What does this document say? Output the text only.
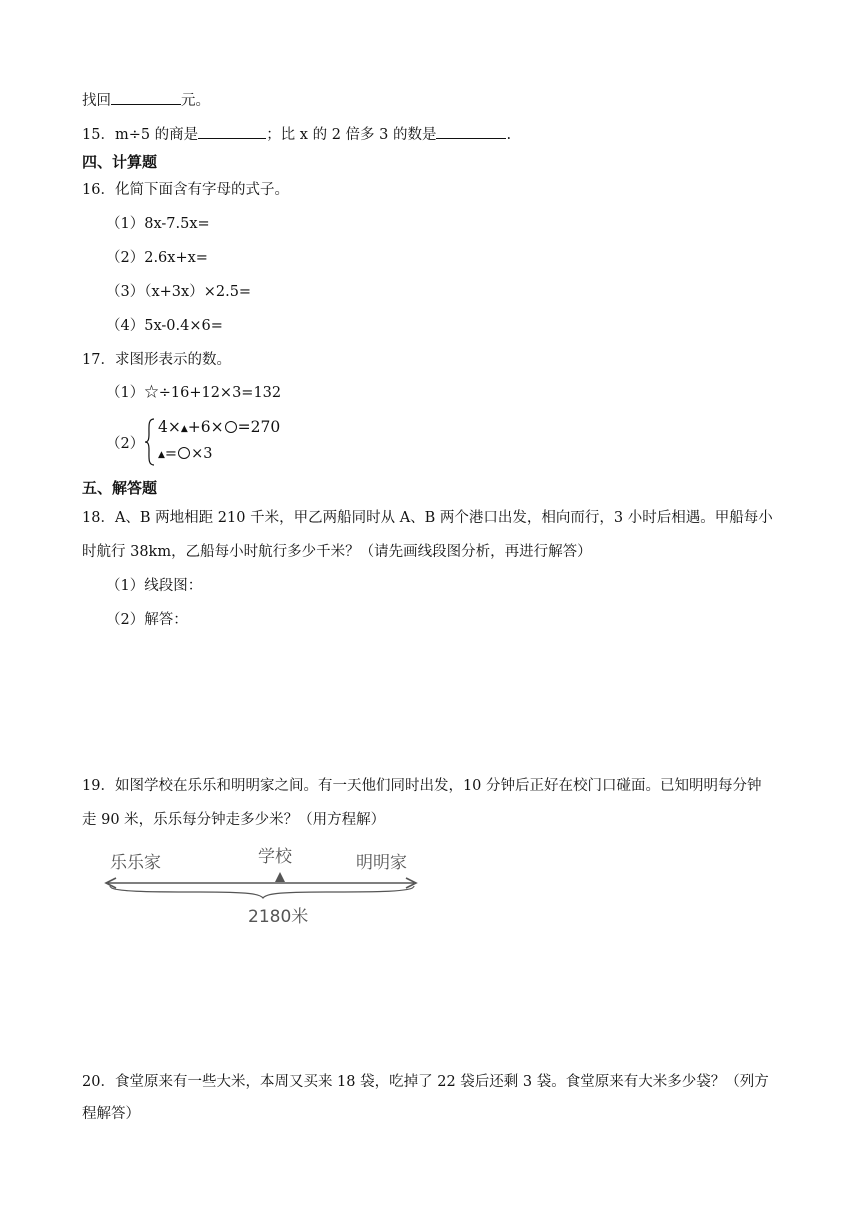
找回	元。
15．m÷5 的商是	；比 x 的 2 倍多 3 的数是	.
四、计算题
16．化简下面含有字母的式子。
（1）8x-7.5x=
（2）2.6x+x=
（3）（x+3x）×2.5=
（4）5x-0.4×6=
17．求图形表示的数。
（1）☆÷16+12×3=132
（2）
4×▲+6× =270
▲= ×3
五、解答题
18．A、B 两地相距 210 千米，甲乙两船同时从 A、B 两个港口出发，相向而行，3 小时后相遇。甲船每小
时航行 38km，乙船每小时航行多少千米？（请先画线段图分析，再进行解答）
（1）线段图：
（2）解答：
19．如图学校在乐乐和明明家之间。有一天他们同时出发，10 分钟后正好在校门口碰面。已知明明每分钟
走 90 米，乐乐每分钟走多少米？（用方程解）
乐乐家	学校	明明家
2180米
20．食堂原来有一些大米，本周又买来 18 袋，吃掉了 22 袋后还剩 3 袋。食堂原来有大米多少袋？（列方
程解答）
